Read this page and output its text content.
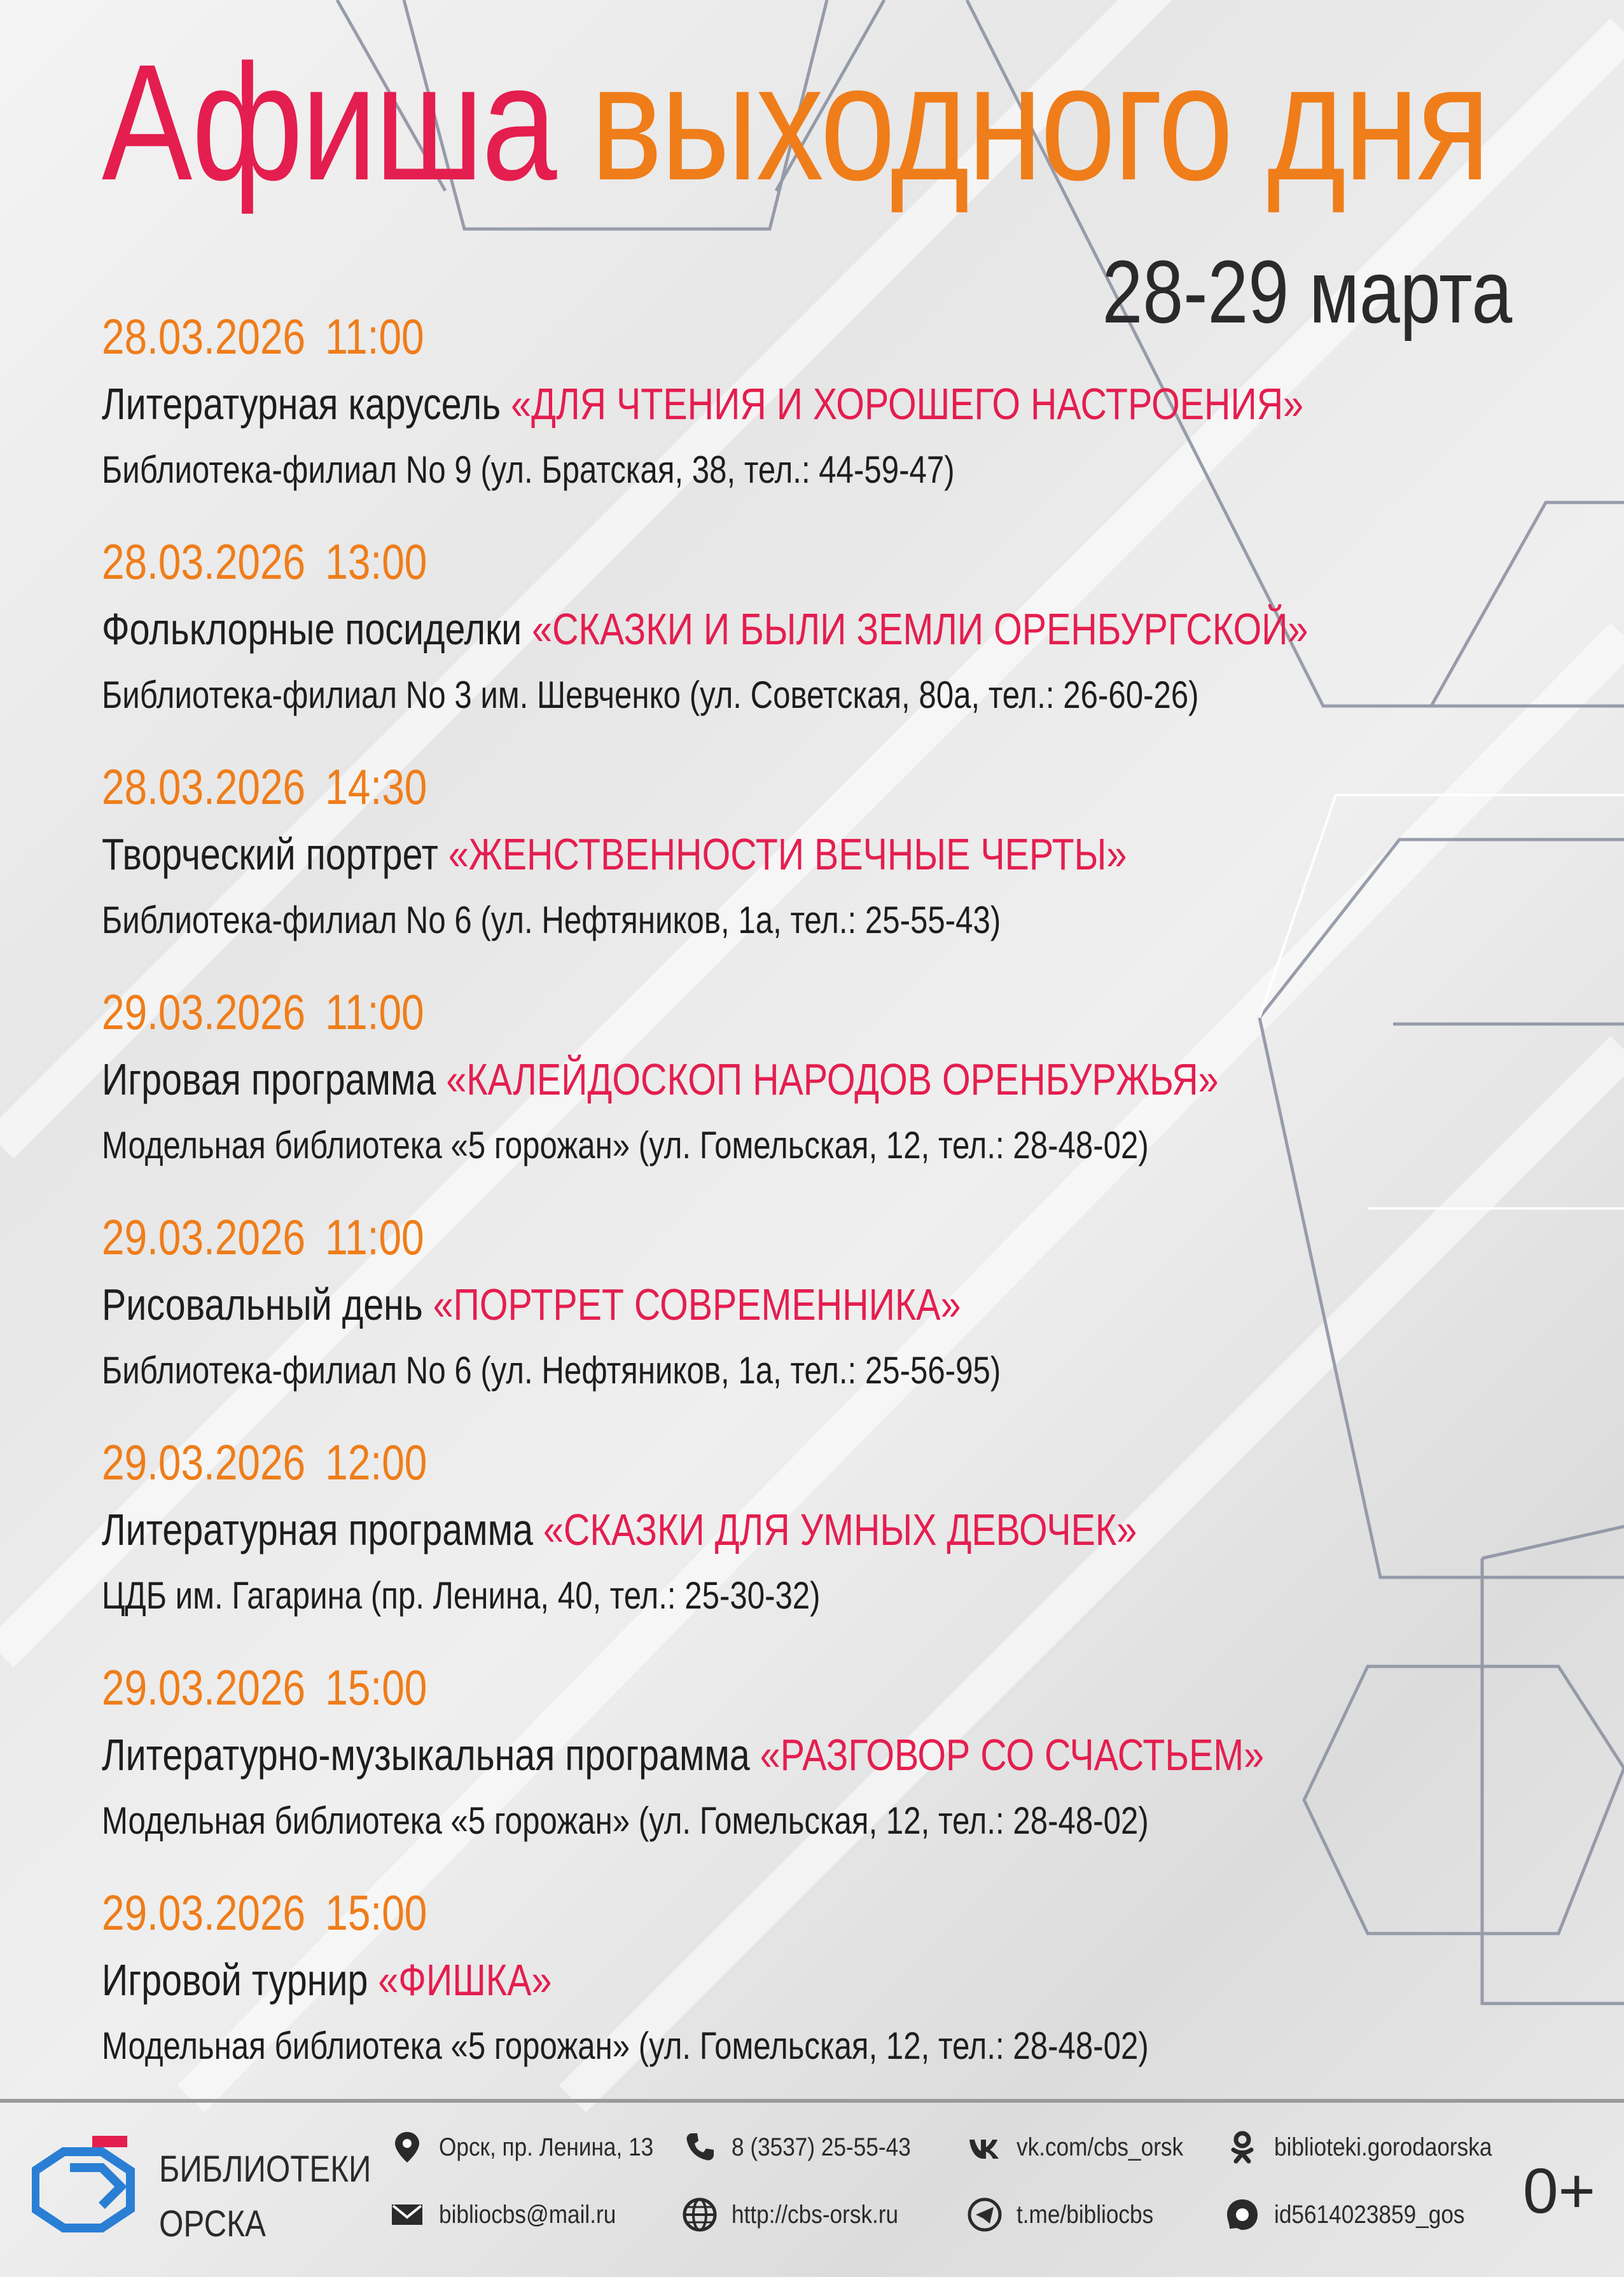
Афиша выходного дня
28-29 марта
28.03.2026 11:00
Литературная карусель «ДЛЯ ЧТЕНИЯ И ХОРОШЕГО НАСТРОЕНИЯ»
Библиотека-филиал No 9 (ул. Братская, 38, тел.: 44-59-47)
28.03.2026 13:00
Фольклорные посиделки «СКАЗКИ И БЫЛИ ЗЕМЛИ ОРЕНБУРГСКОЙ»
Библиотека-филиал No 3 им. Шевченко (ул. Советская, 80а, тел.: 26-60-26)
28.03.2026 14:30
Творческий портрет «ЖЕНСТВЕННОСТИ ВЕЧНЫЕ ЧЕРТЫ»
Библиотека-филиал No 6 (ул. Нефтяников, 1а, тел.: 25-55-43)
29.03.2026 11:00
Игровая программа «КАЛЕЙДОСКОП НАРОДОВ ОРЕНБУРЖЬЯ»
Модельная библиотека «5 горожан» (ул. Гомельская, 12, тел.: 28-48-02)
29.03.2026 11:00
Рисовальный день «ПОРТРЕТ СОВРЕМЕННИКА»
Библиотека-филиал No 6 (ул. Нефтяников, 1а, тел.: 25-56-95)
29.03.2026 12:00
Литературная программа «СКАЗКИ ДЛЯ УМНЫХ ДЕВОЧЕК»
ЦДБ им. Гагарина (пр. Ленина, 40, тел.: 25-30-32)
29.03.2026 15:00
Литературно-музыкальная программа «РАЗГОВОР СО СЧАСТЬЕМ»
Модельная библиотека «5 горожан» (ул. Гомельская, 12, тел.: 28-48-02)
29.03.2026 15:00
Игровой турнир «ФИШКА»
Модельная библиотека «5 горожан» (ул. Гомельская, 12, тел.: 28-48-02)
БИБЛИОТЕКИ
ОРСКА
Орск, пр. Ленина, 13	8 (3537) 25-55-43	vk.com/cbs_orsk	biblioteki.gorodaorska
bibliocbs@mail.ru	http://cbs-orsk.ru	t.me/bibliocbs	id5614023859_gos 0+
